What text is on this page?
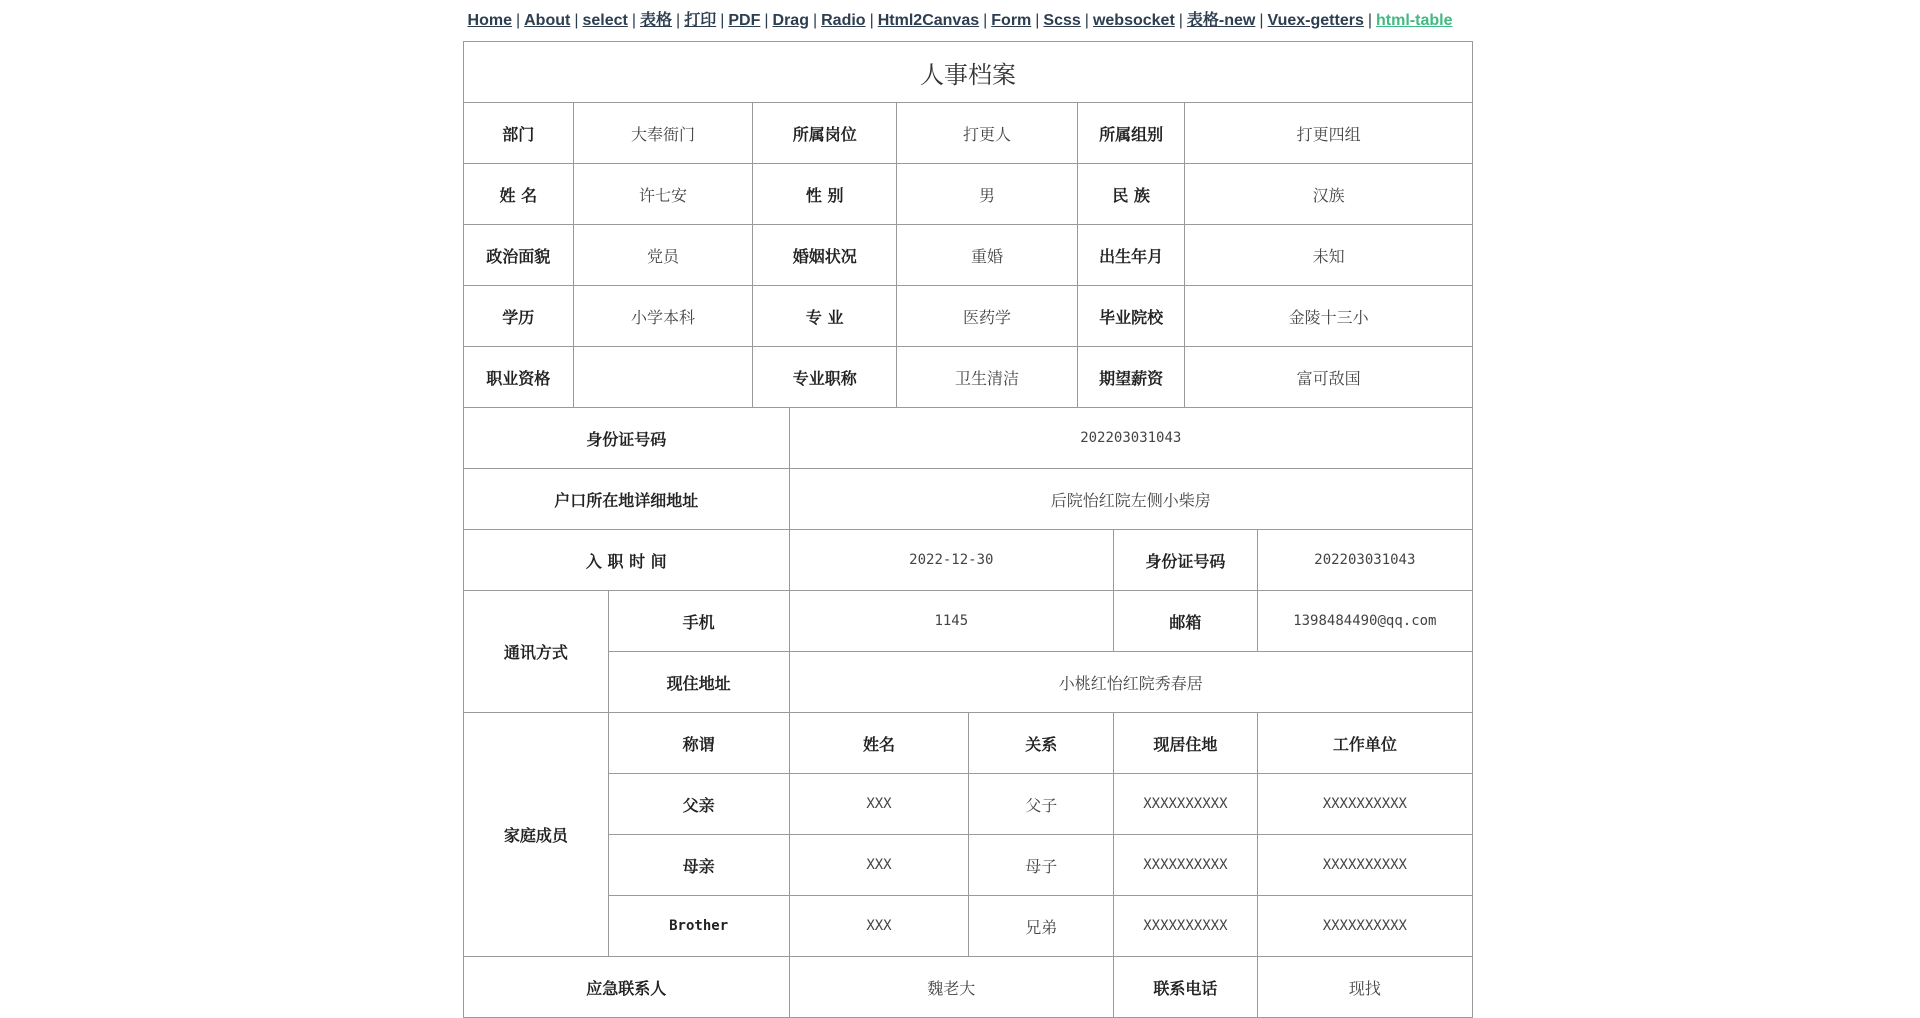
Home | About | select | 表格 | 打印 | PDF | Drag | Radio | Html2Canvas | Form | Scss | websocket | 表格-new | Vuex-getters | html-table
人事档案										
部门	大奉衙门		所属岗位		打更人		所属组别		打更四组	
姓 名	许七安		性 别		男		民 族		汉族	
政治面貌	党员		婚姻状况		重婚		出生年月		未知	
学历	小学本科		专 业		医药学		毕业院校		金陵十三小	
职业资格			专业职称		卫生清洁		期望薪资		富可敌国	
身份证号码				202203031043						
户口所在地详细地址				后院怡红院左侧小柴房						
入 职 时 间				2022-12-30				身份证号码		202203031043
通讯方式		手机		1145				邮箱		1398484490@qq.com
		现住地址		小桃红怡红院秀春居						
家庭成员		称谓		姓名		关系		现居住地		工作单位
		父亲		XXX		父子		XXXXXXXXXX		XXXXXXXXXX
		母亲		XXX		母子		XXXXXXXXXX		XXXXXXXXXX
		Brother		XXX		兄弟		XXXXXXXXXX		XXXXXXXXXX
应急联系人				魏老大				联系电话		现找
